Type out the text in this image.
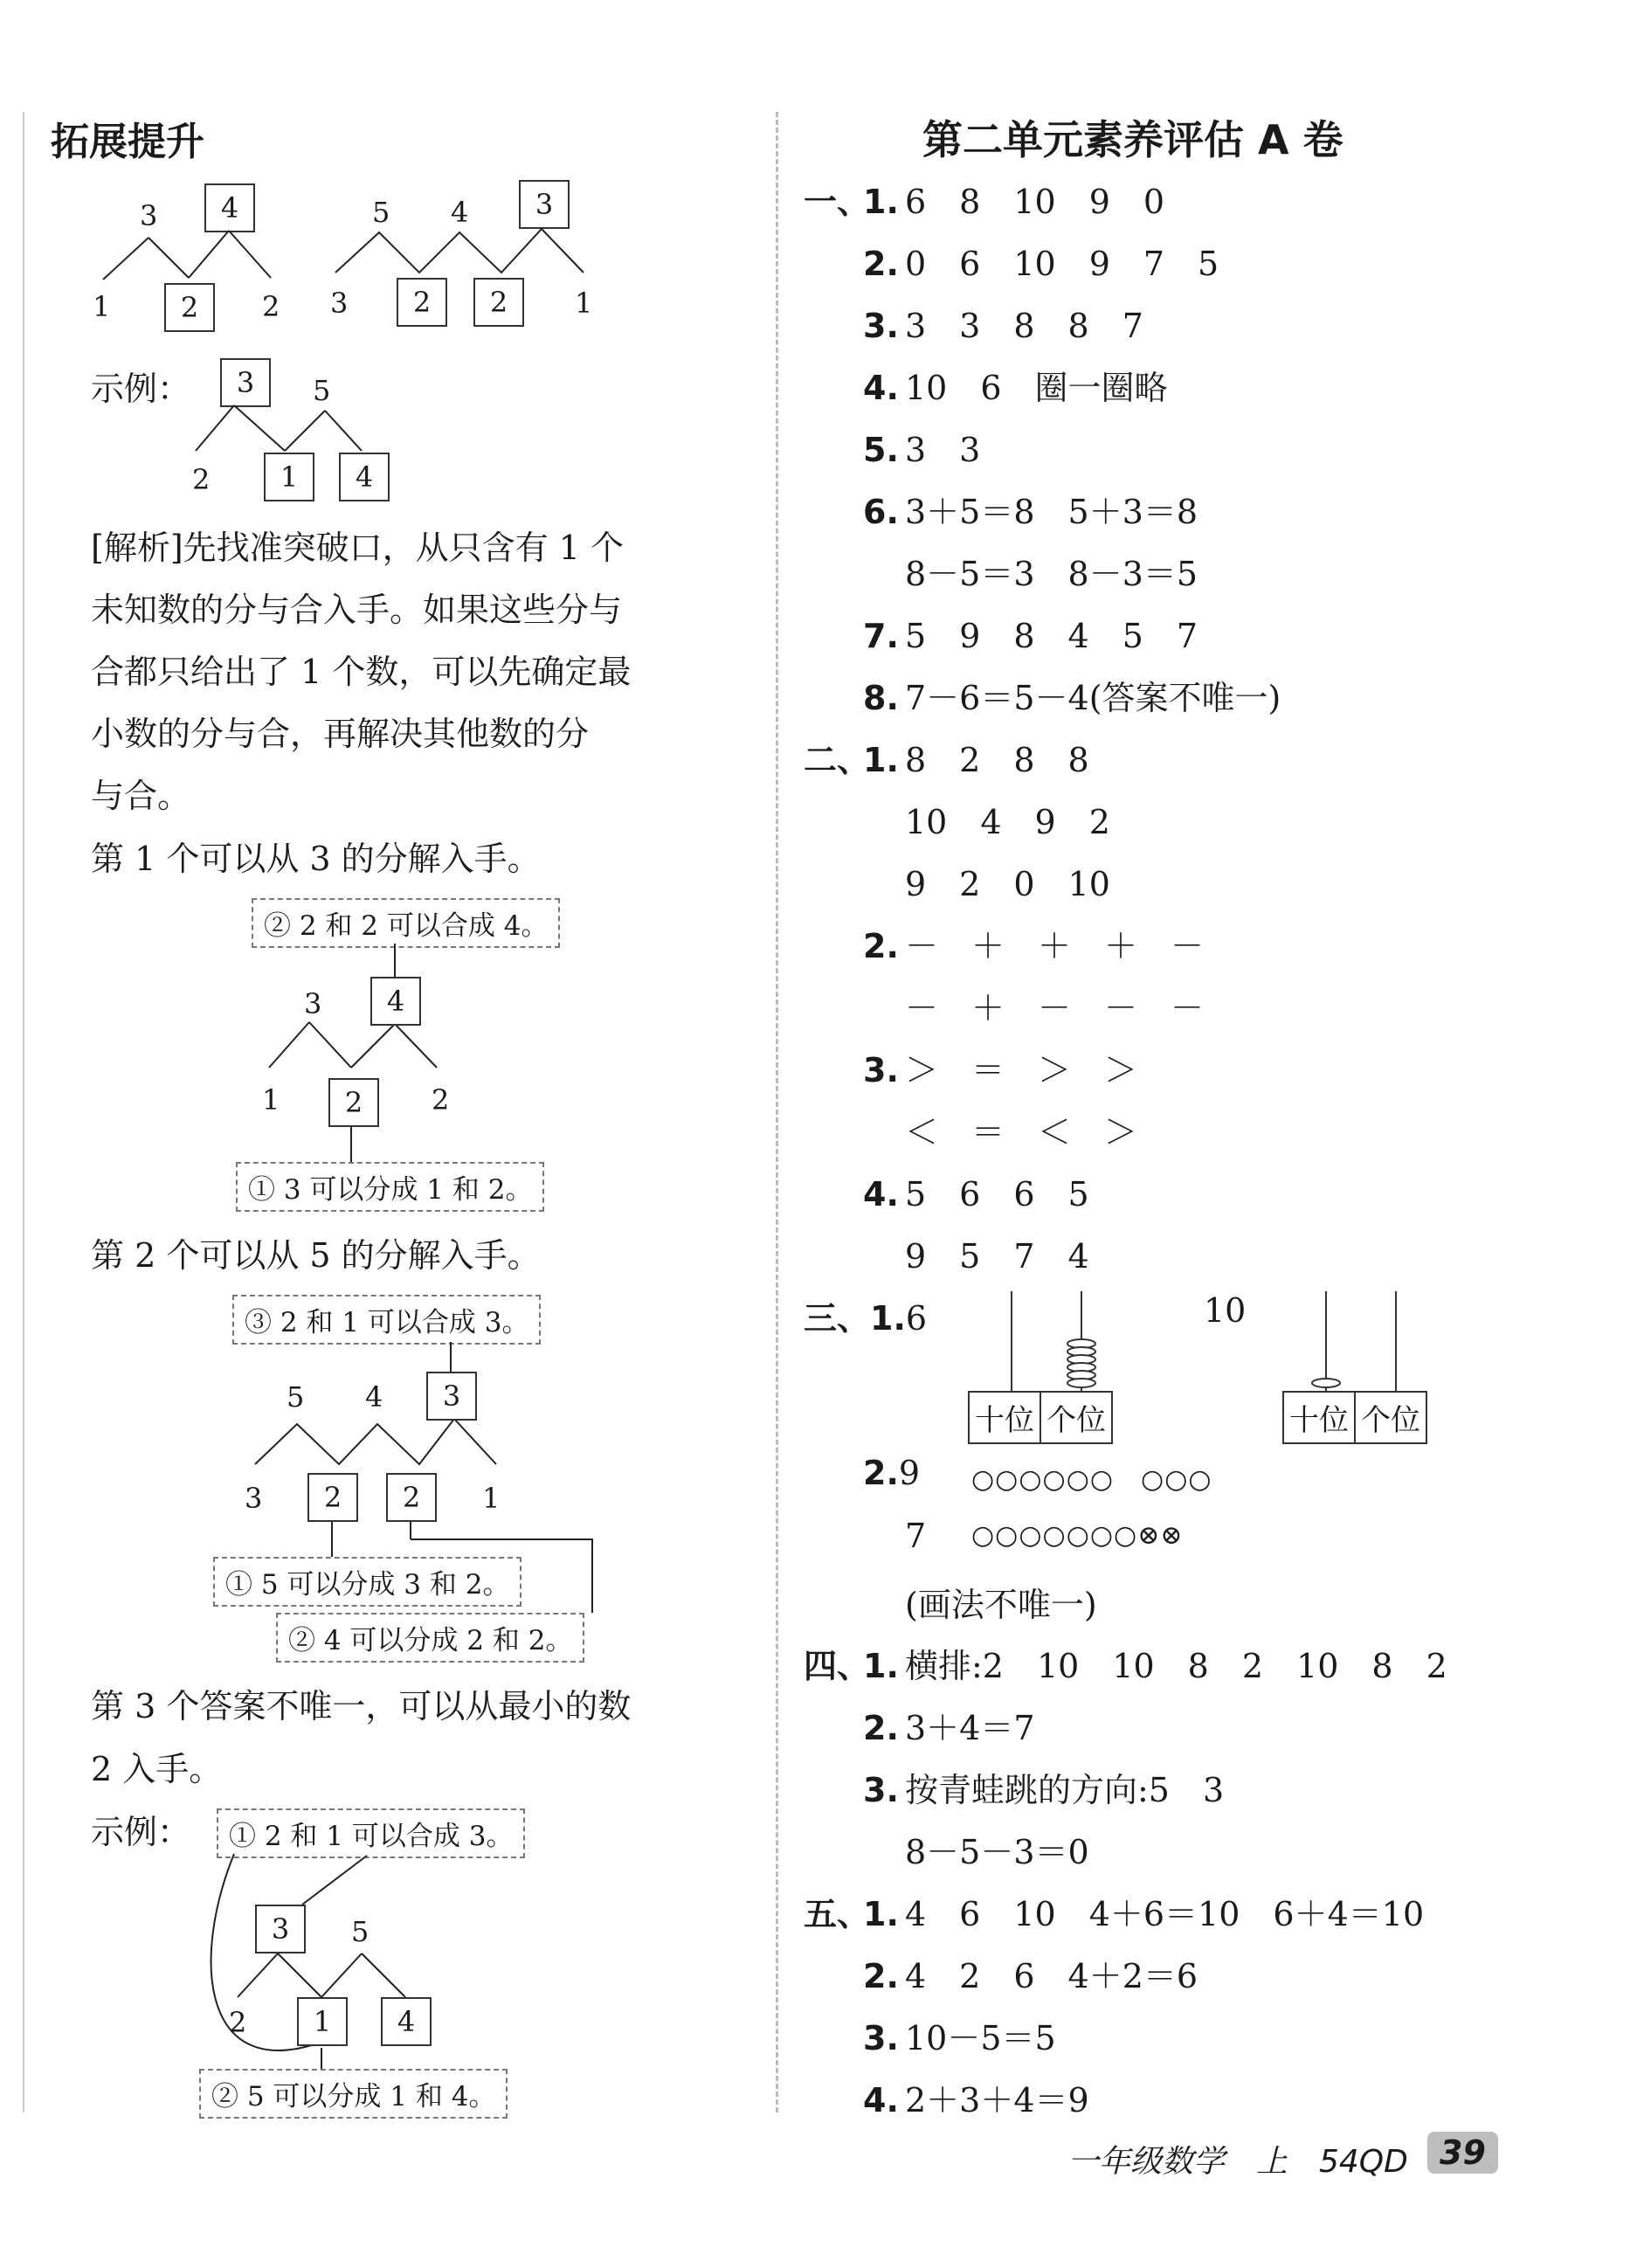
拓展提升
3	4
1	2	2
5 4	3
3	2	2	1
示例：	3	5
2	1	4
[解析]先找准突破口，从只含有 1 个
未知数的分与合入手。如果这些分与
合都只给出了 1 个数，可以先确定最
小数的分与合，再解决其他数的分
与合。
第 1 个可以从 3 的分解入手。
② 2 和 2 可以合成 4。
3	4
1	2	2
① 3 可以分成 1 和 2。
第 2 个可以从 5 的分解入手。
③ 2 和 1 可以合成 3。
5 4	3
3	2	2	1
① 5 可以分成 3 和 2。
② 4 可以分成 2 和 2。
第 3 个答案不唯一，可以从最小的数
2 入手。
示例：	① 2 和 1 可以合成 3。
3	5
2	1	4
② 5 可以分成 1 和 4。
第二单元素养评估 A 卷
一、1. 6　8　10　9　0
2. 0　6　10　9　7　5
3. 3　3　8　8　7
4. 10　6　圈一圈略
5. 3　3
6. 3＋5＝8　5＋3＝8
8－5＝3　8－3＝5
7. 5　9　8　4　5　7
8. 7－6＝5－4(答案不唯一)
二、1. 8　2　8　8
10　4　9　2
9　2　0　10
2. －　＋　＋　＋　－
－　＋　－　－　－
3. ＞　＝　＞　＞
＜　＝　＜　＞
4. 5　6　6　5
9　5　7　4
三、1.6	10
十位 个位	十位 个位
2.9 ○○○○○○　○○○
7 ○○○○○○○⊗⊗
(画法不唯一)
四、1. 横排:2　10　10　8　2　10　8　2
2. 3＋4＝7
3. 按青蛙跳的方向:5　3
8－5－3＝0
五、1. 4　6　10　4＋6＝10　6＋4＝10
2. 4　2　6　4＋2＝6
3. 10－5＝5
4. 2＋3＋4＝9
一年级数学　上　54QD 39
